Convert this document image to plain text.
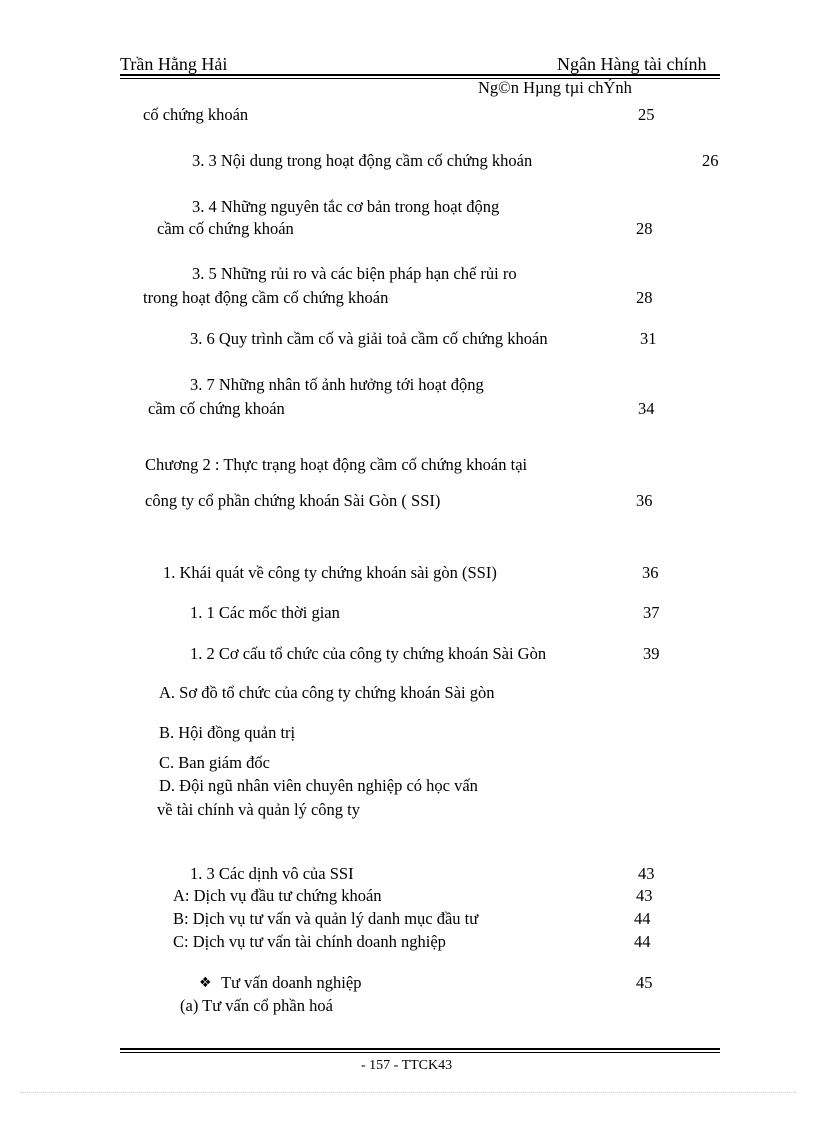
Trần Hằng Hải	Ngân Hàng tài chính
Ng©n Hµng tµi chÝnh
cố chứng khoán	25
3. 3 Nội dung trong hoạt động cầm cố chứng khoán	26
3. 4 Những nguyên tắc cơ bản trong hoạt động
cầm cố chứng khoán	28
3. 5 Những rủi ro và các biện pháp hạn chế rủi ro
trong hoạt động cầm cố chứng khoán	28
3. 6 Quy trình cầm cố và giải toả cầm cố chứng khoán	31
3. 7 Những nhân tố ảnh hưởng tới hoạt động
cầm cố chứng khoán	34
Chương 2 : Thực trạng hoạt động cầm cố chứng khoán tại
công ty cổ phần chứng khoán Sài Gòn ( SSI)	36
1. Khái quát về công ty chứng khoán sài gòn (SSI)	36
1. 1 Các mốc thời gian	37
1. 2 Cơ cấu tổ chức của công ty chứng khoán Sài Gòn	39
A. Sơ đồ tổ chức của công ty chứng khoán Sài gòn
B. Hội đồng quản trị
C. Ban giám đốc
D. Đội ngũ nhân viên chuyên nghiệp có học vấn
về tài chính và quản lý công ty
1. 3 Các dịnh vô của SSI	43
A: Dịch vụ đầu tư chứng khoán	43
B: Dịch vụ tư vấn và quản lý danh mục đầu tư	44
C: Dịch vụ tư vấn tài chính doanh nghiệp	44
❖ Tư vấn doanh nghiệp	45
(a) Tư vấn cổ phần hoá
- 157 - TTCK43
